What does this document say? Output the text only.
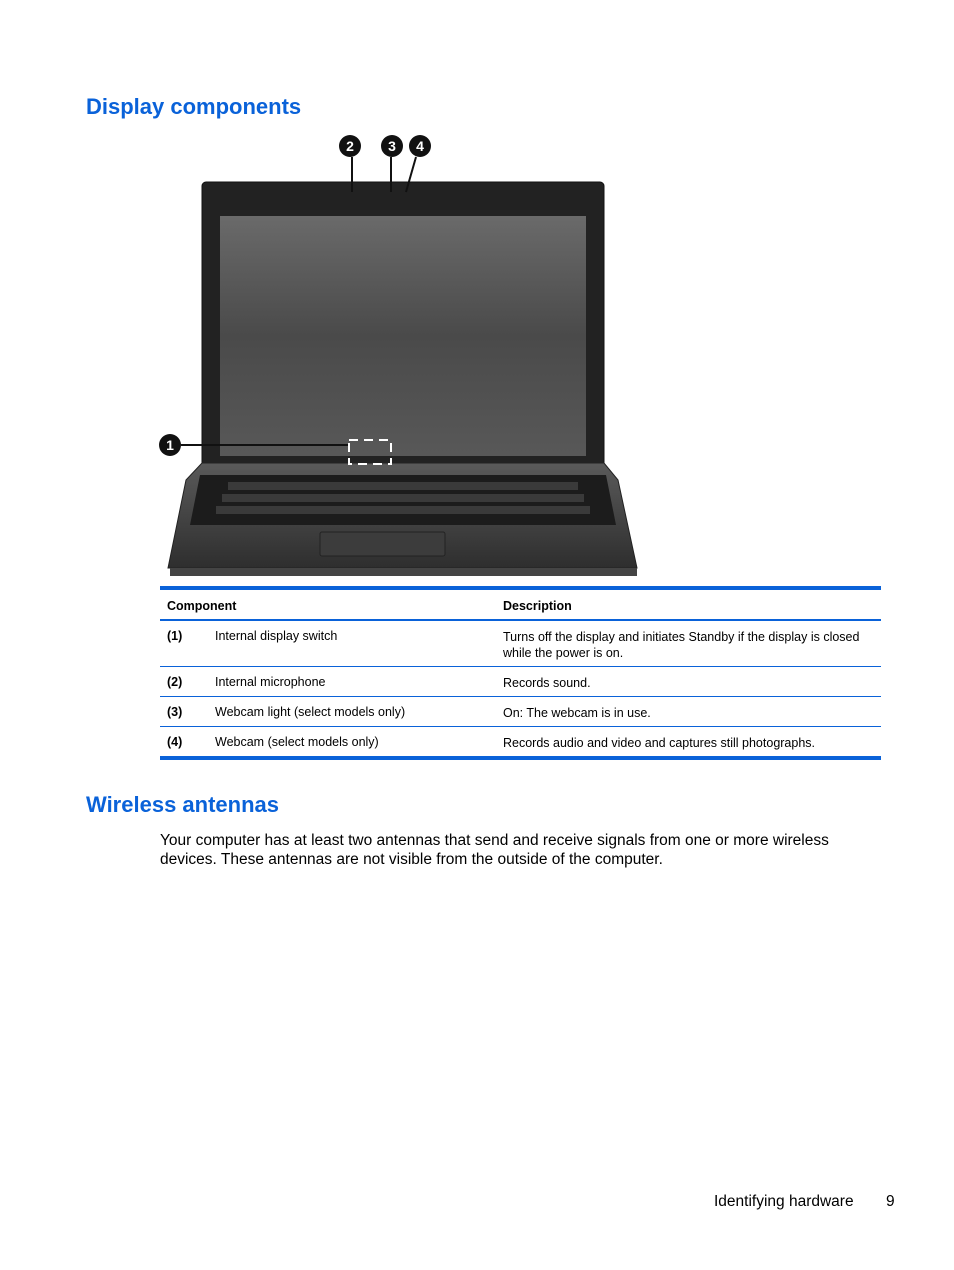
Display components
1
2 3 4
Component	Description
(1)	Internal display switch	Turns off the display and initiates Standby if the display is closed while the power is on.
(2)	Internal microphone	Records sound.
(3)	Webcam light (select models only)	On: The webcam is in use.
(4)	Webcam (select models only)	Records audio and video and captures still photographs.
Wireless antennas

Your computer has at least two antennas that send and receive signals from one or more wireless devices. These antennas are not visible from the outside of the computer.

Identifying hardware 9
